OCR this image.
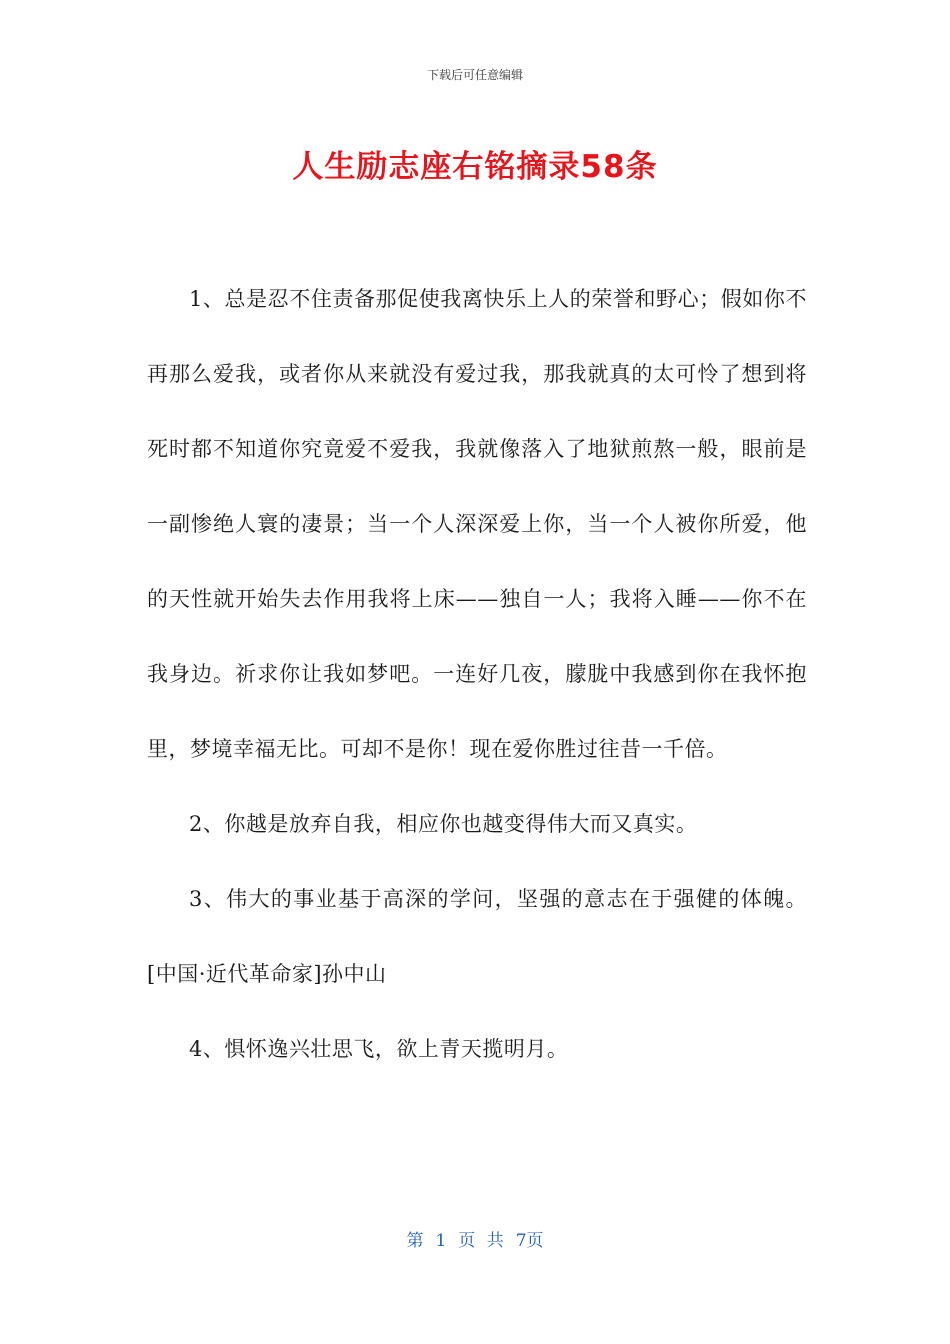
下载后可任意编辑
人生励志座右铭摘录58条

1、总是忍不住责备那促使我离快乐上人的荣誉和野心；假如你不再那么爱我，或者你从来就没有爱过我，那我就真的太可怜了想到将死时都不知道你究竟爱不爱我，我就像落入了地狱煎熬一般，眼前是一副惨绝人寰的凄景；当一个人深深爱上你，当一个人被你所爱，他的天性就开始失去作用我将上床——独自一人；我将入睡——你不在我身边。祈求你让我如梦吧。一连好几夜，朦胧中我感到你在我怀抱里，梦境幸福无比。可却不是你！现在爱你胜过往昔一千倍。

2、你越是放弃自我，相应你也越变得伟大而又真实。

3、伟大的事业基于高深的学问，坚强的意志在于强健的体魄。[中国·近代革命家]孙中山

4、惧怀逸兴壮思飞，欲上青天揽明月。

第 1 页 共 7页
